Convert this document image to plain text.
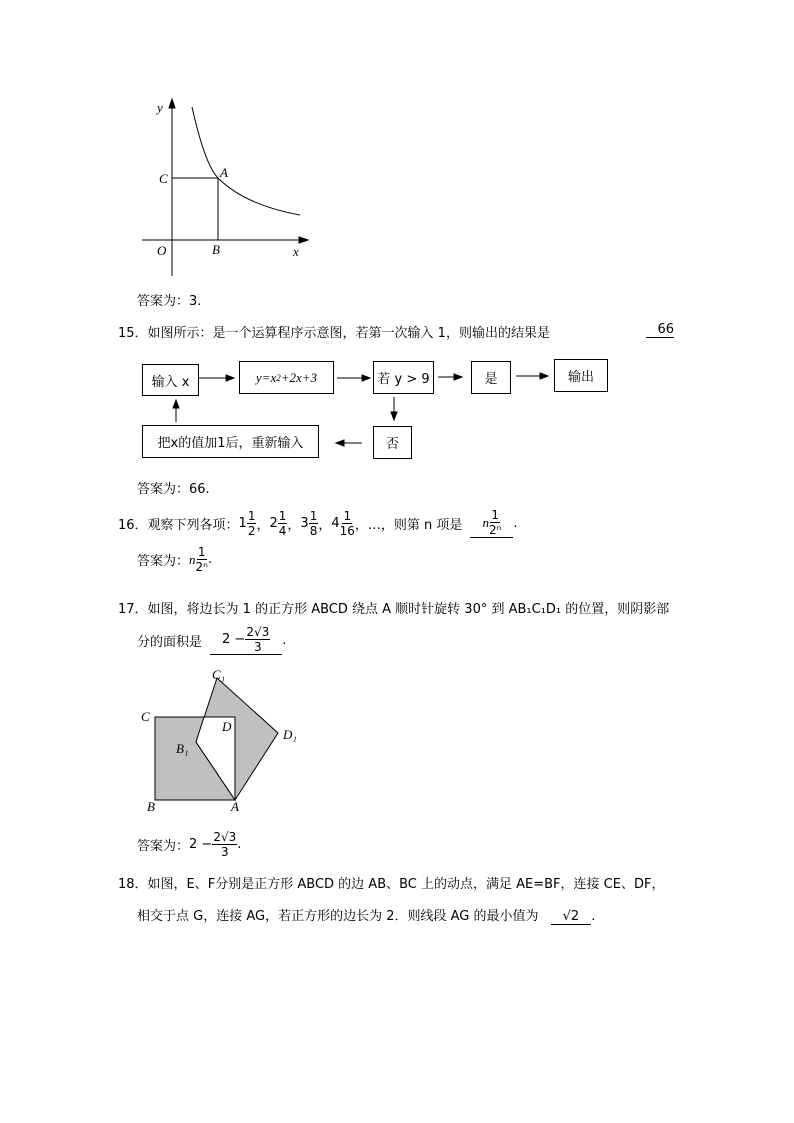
y
x
O
C	A
B
答案为：3.
15．如图所示：是一个运算程序示意图，若第一次输入 1，则输出的结果是	66
输入 x	y=x 2 +2x+3	若 y > 9	是	输出
否
把x的值加1后，重新输入
答案为：66.
16．观察下列各项： $1 \frac{1}{2}$ ， $2 \frac{1}{4}$ ， $3 \frac{1}{8}$ ， $4 \frac{1}{16}$ ，…，则第 n 项是 n $\frac{1}{\text{2ⁿ}}$ .
答案为： n $\frac{1}{\text{2ⁿ}}$ .
17．如图，将边长为 1 的正方形 ABCD 绕点 A 顺时针旋转 30° 到 AB₁C₁D₁ 的位置，则阴影部
分的面积是 $2 - \frac{2√3}{3}$ .
C
D
C₁
D₁
B₁
B	A
答案为： $2 - \frac{2√3}{3}$ .
18．如图，E、F分别是正方形 ABCD 的边 AB、BC 上的动点，满足 AE=BF，连接 CE、DF，
相交于点 G，连接 AG，若正方形的边长为 2．则线段 AG 的最小值为 √2 .
